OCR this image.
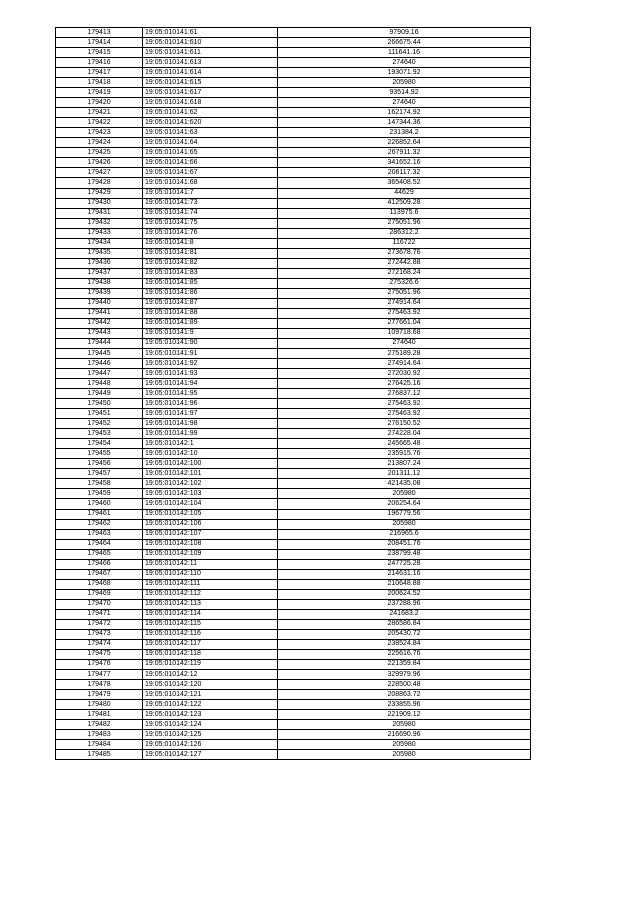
179413	19:05:010141:61	97909.16
179414	19:05:010141:610	266675.44
179415	19:05:010141:611	111641.16
179416	19:05:010141:613	274640
179417	19:05:010141:614	193071.92
179418	19:05:010141:615	205980
179419	19:05:010141:617	93514.92
179420	19:05:010141:618	274640
179421	19:05:010141:62	162174.92
179422	19:05:010141:620	147344.36
179423	19:05:010141:63	231384.2
179424	19:05:010141:64	226852.64
179425	19:05:010141:65	267911.32
179426	19:05:010141:66	341652.16
179427	19:05:010141:67	206117.32
179428	19:05:010141:68	365408.52
179429	19:05:010141:7	44629
179430	19:05:010141:73	412509.28
179431	19:05:010141:74	113975.6
179432	19:05:010141:75	275051.96
179433	19:05:010141:76	286312.2
179434	19:05:010141:8	116722
179435	19:05:010141:81	273678.76
179436	19:05:010141:82	272442.88
179437	19:05:010141:83	272168.24
179438	19:05:010141:85	275326.6
179439	19:05:010141:86	275051.96
179440	19:05:010141:87	274914.64
179441	19:05:010141:88	275463.92
179442	19:05:010141:89	277661.04
179443	19:05:010141:9	109718.68
179444	19:05:010141:90	274640
179445	19:05:010141:91	275189.28
179446	19:05:010141:92	274914.64
179447	19:05:010141:93	272030.92
179448	19:05:010141:94	276425.16
179449	19:05:010141:95	276837.12
179450	19:05:010141:96	275463.92
179451	19:05:010141:97	275463.92
179452	19:05:010141:98	276150.52
179453	19:05:010141:99	274228.04
179454	19:05:010142:1	245665.48
179455	19:05:010142:10	235915.76
179456	19:05:010142:100	213807.24
179457	19:05:010142:101	201311.12
179458	19:05:010142:102	421435.08
179459	19:05:010142:103	205980
179460	19:05:010142:104	206254.64
179461	19:05:010142:105	196779.56
179462	19:05:010142:106	205980
179463	19:05:010142:107	216965.6
179464	19:05:010142:108	208451.76
179465	19:05:010142:109	238799.48
179466	19:05:010142:11	247725.28
179467	19:05:010142:110	214631.16
179468	19:05:010142:111	210648.88
179469	19:05:010142:112	200624.52
179470	19:05:010142:113	237288.96
179471	19:05:010142:114	241683.2
179472	19:05:010142:115	286586.84
179473	19:05:010142:116	205430.72
179474	19:05:010142:117	238524.84
179475	19:05:010142:118	225616.76
179476	19:05:010142:119	221359.84
179477	19:05:010142:12	329979.96
179478	19:05:010142:120	228500.48
179479	19:05:010142:121	208863.72
179480	19:05:010142:122	233855.96
179481	19:05:010142:123	221909.12
179482	19:05:010142:124	205980
179483	19:05:010142:125	216690.96
179484	19:05:010142:126	205980
179485	19:05:010142:127	205980
